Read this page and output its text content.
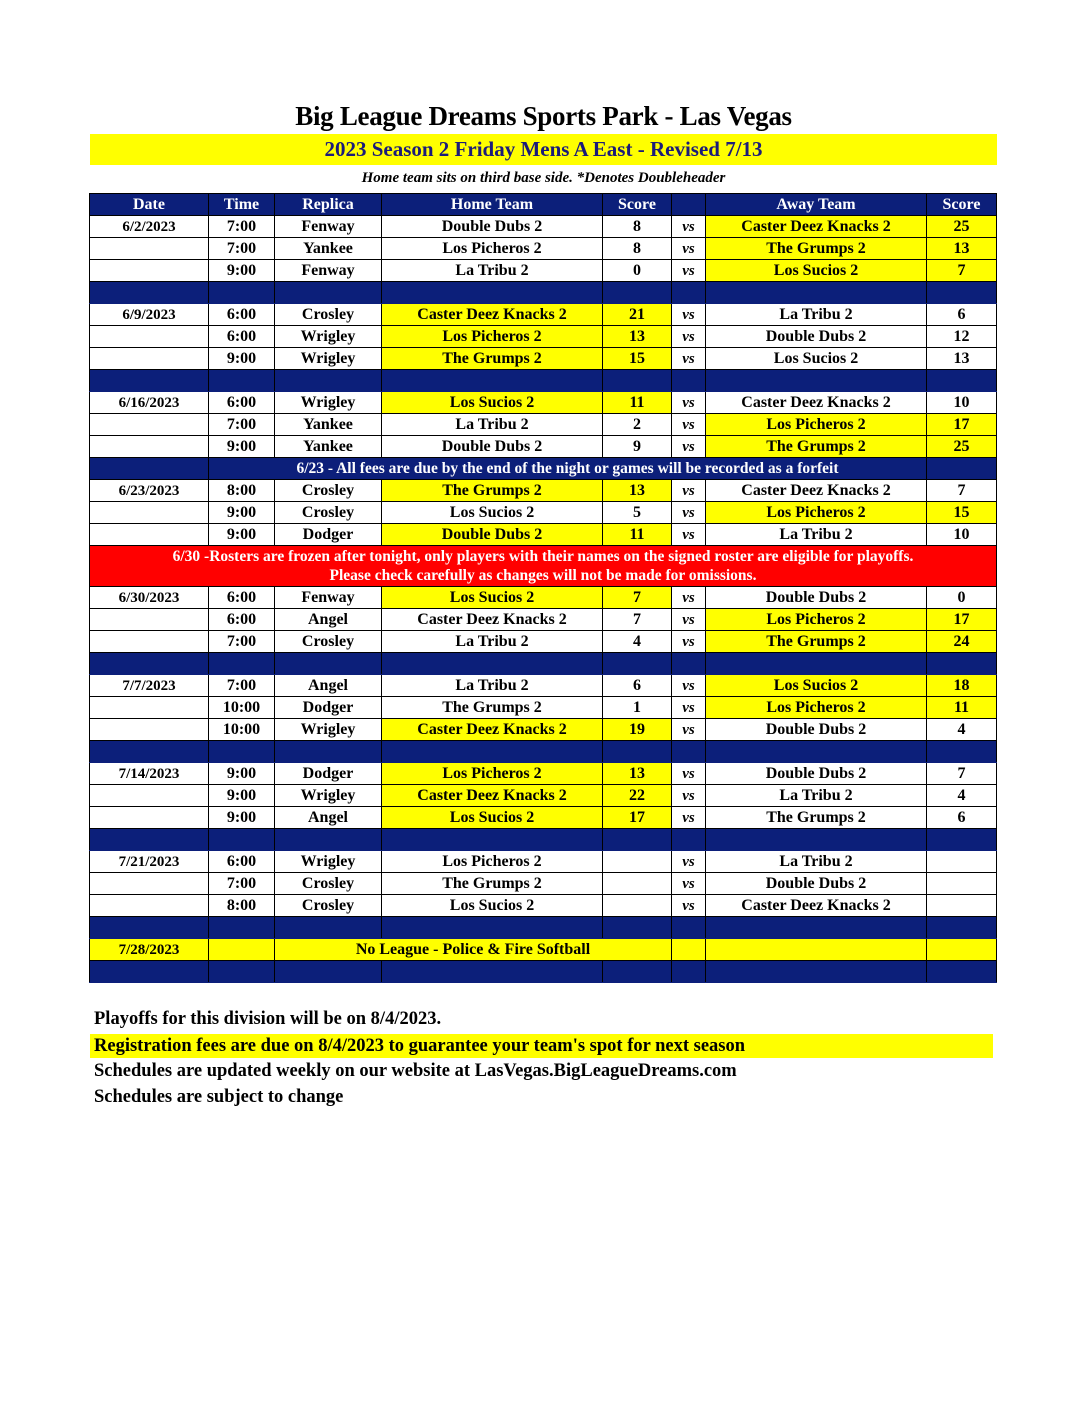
Big League Dreams Sports Park - Las Vegas
2023 Season 2 Friday Mens A East - Revised 7/13
Home team sits on third base side. *Denotes Doubleheader
Date	Time	Replica	Home Team	Score		Away Team	Score
6/2/2023	7:00	Fenway	Double Dubs 2	8	vs	Caster Deez Knacks 2	25
	7:00	Yankee	Los Picheros 2	8	vs	The Grumps 2	13
	9:00	Fenway	La Tribu 2	0	vs	Los Sucios 2	7

6/9/2023	6:00	Crosley	Caster Deez Knacks 2	21	vs	La Tribu 2	6
	6:00	Wrigley	Los Picheros 2	13	vs	Double Dubs 2	12
	9:00	Wrigley	The Grumps 2	15	vs	Los Sucios 2	13

6/16/2023	6:00	Wrigley	Los Sucios 2	11	vs	Caster Deez Knacks 2	10
	7:00	Yankee	La Tribu 2	2	vs	Los Picheros 2	17
	9:00	Yankee	Double Dubs 2	9	vs	The Grumps 2	25
	6/23 - All fees are due by the end of the night or games will be recorded as a forfeit						
6/23/2023	8:00	Crosley	The Grumps 2	13	vs	Caster Deez Knacks 2	7
	9:00	Crosley	Los Sucios 2	5	vs	Los Picheros 2	15
	9:00	Dodger	Double Dubs 2	11	vs	La Tribu 2	10

6/30 -Rosters are frozen after tonight, only players with their names on the signed roster are eligible for playoffs.
Please check carefully as changes will not be made for omissions.							

6/30/2023	6:00	Fenway	Los Sucios 2	7	vs	Double Dubs 2	0
	6:00	Angel	Caster Deez Knacks 2	7	vs	Los Picheros 2	17
	7:00	Crosley	La Tribu 2	4	vs	The Grumps 2	24

7/7/2023	7:00	Angel	La Tribu 2	6	vs	Los Sucios 2	18
	10:00	Dodger	The Grumps 2	1	vs	Los Picheros 2	11
	10:00	Wrigley	Caster Deez Knacks 2	19	vs	Double Dubs 2	4

7/14/2023	9:00	Dodger	Los Picheros 2	13	vs	Double Dubs 2	7
	9:00	Wrigley	Caster Deez Knacks 2	22	vs	La Tribu 2	4
	9:00	Angel	Los Sucios 2	17	vs	The Grumps 2	6

7/21/2023	6:00	Wrigley	Los Picheros 2		vs	La Tribu 2	
	7:00	Crosley	The Grumps 2		vs	Double Dubs 2	
	8:00	Crosley	Los Sucios 2		vs	Caster Deez Knacks 2	

7/28/2023		No League - Police & Fire Softball					

Playoffs for this division will be on 8/4/2023.
Registration fees are due on 8/4/2023 to guarantee your team's spot for next season
Schedules are updated weekly on our website at LasVegas.BigLeagueDreams.com
Schedules are subject to change
